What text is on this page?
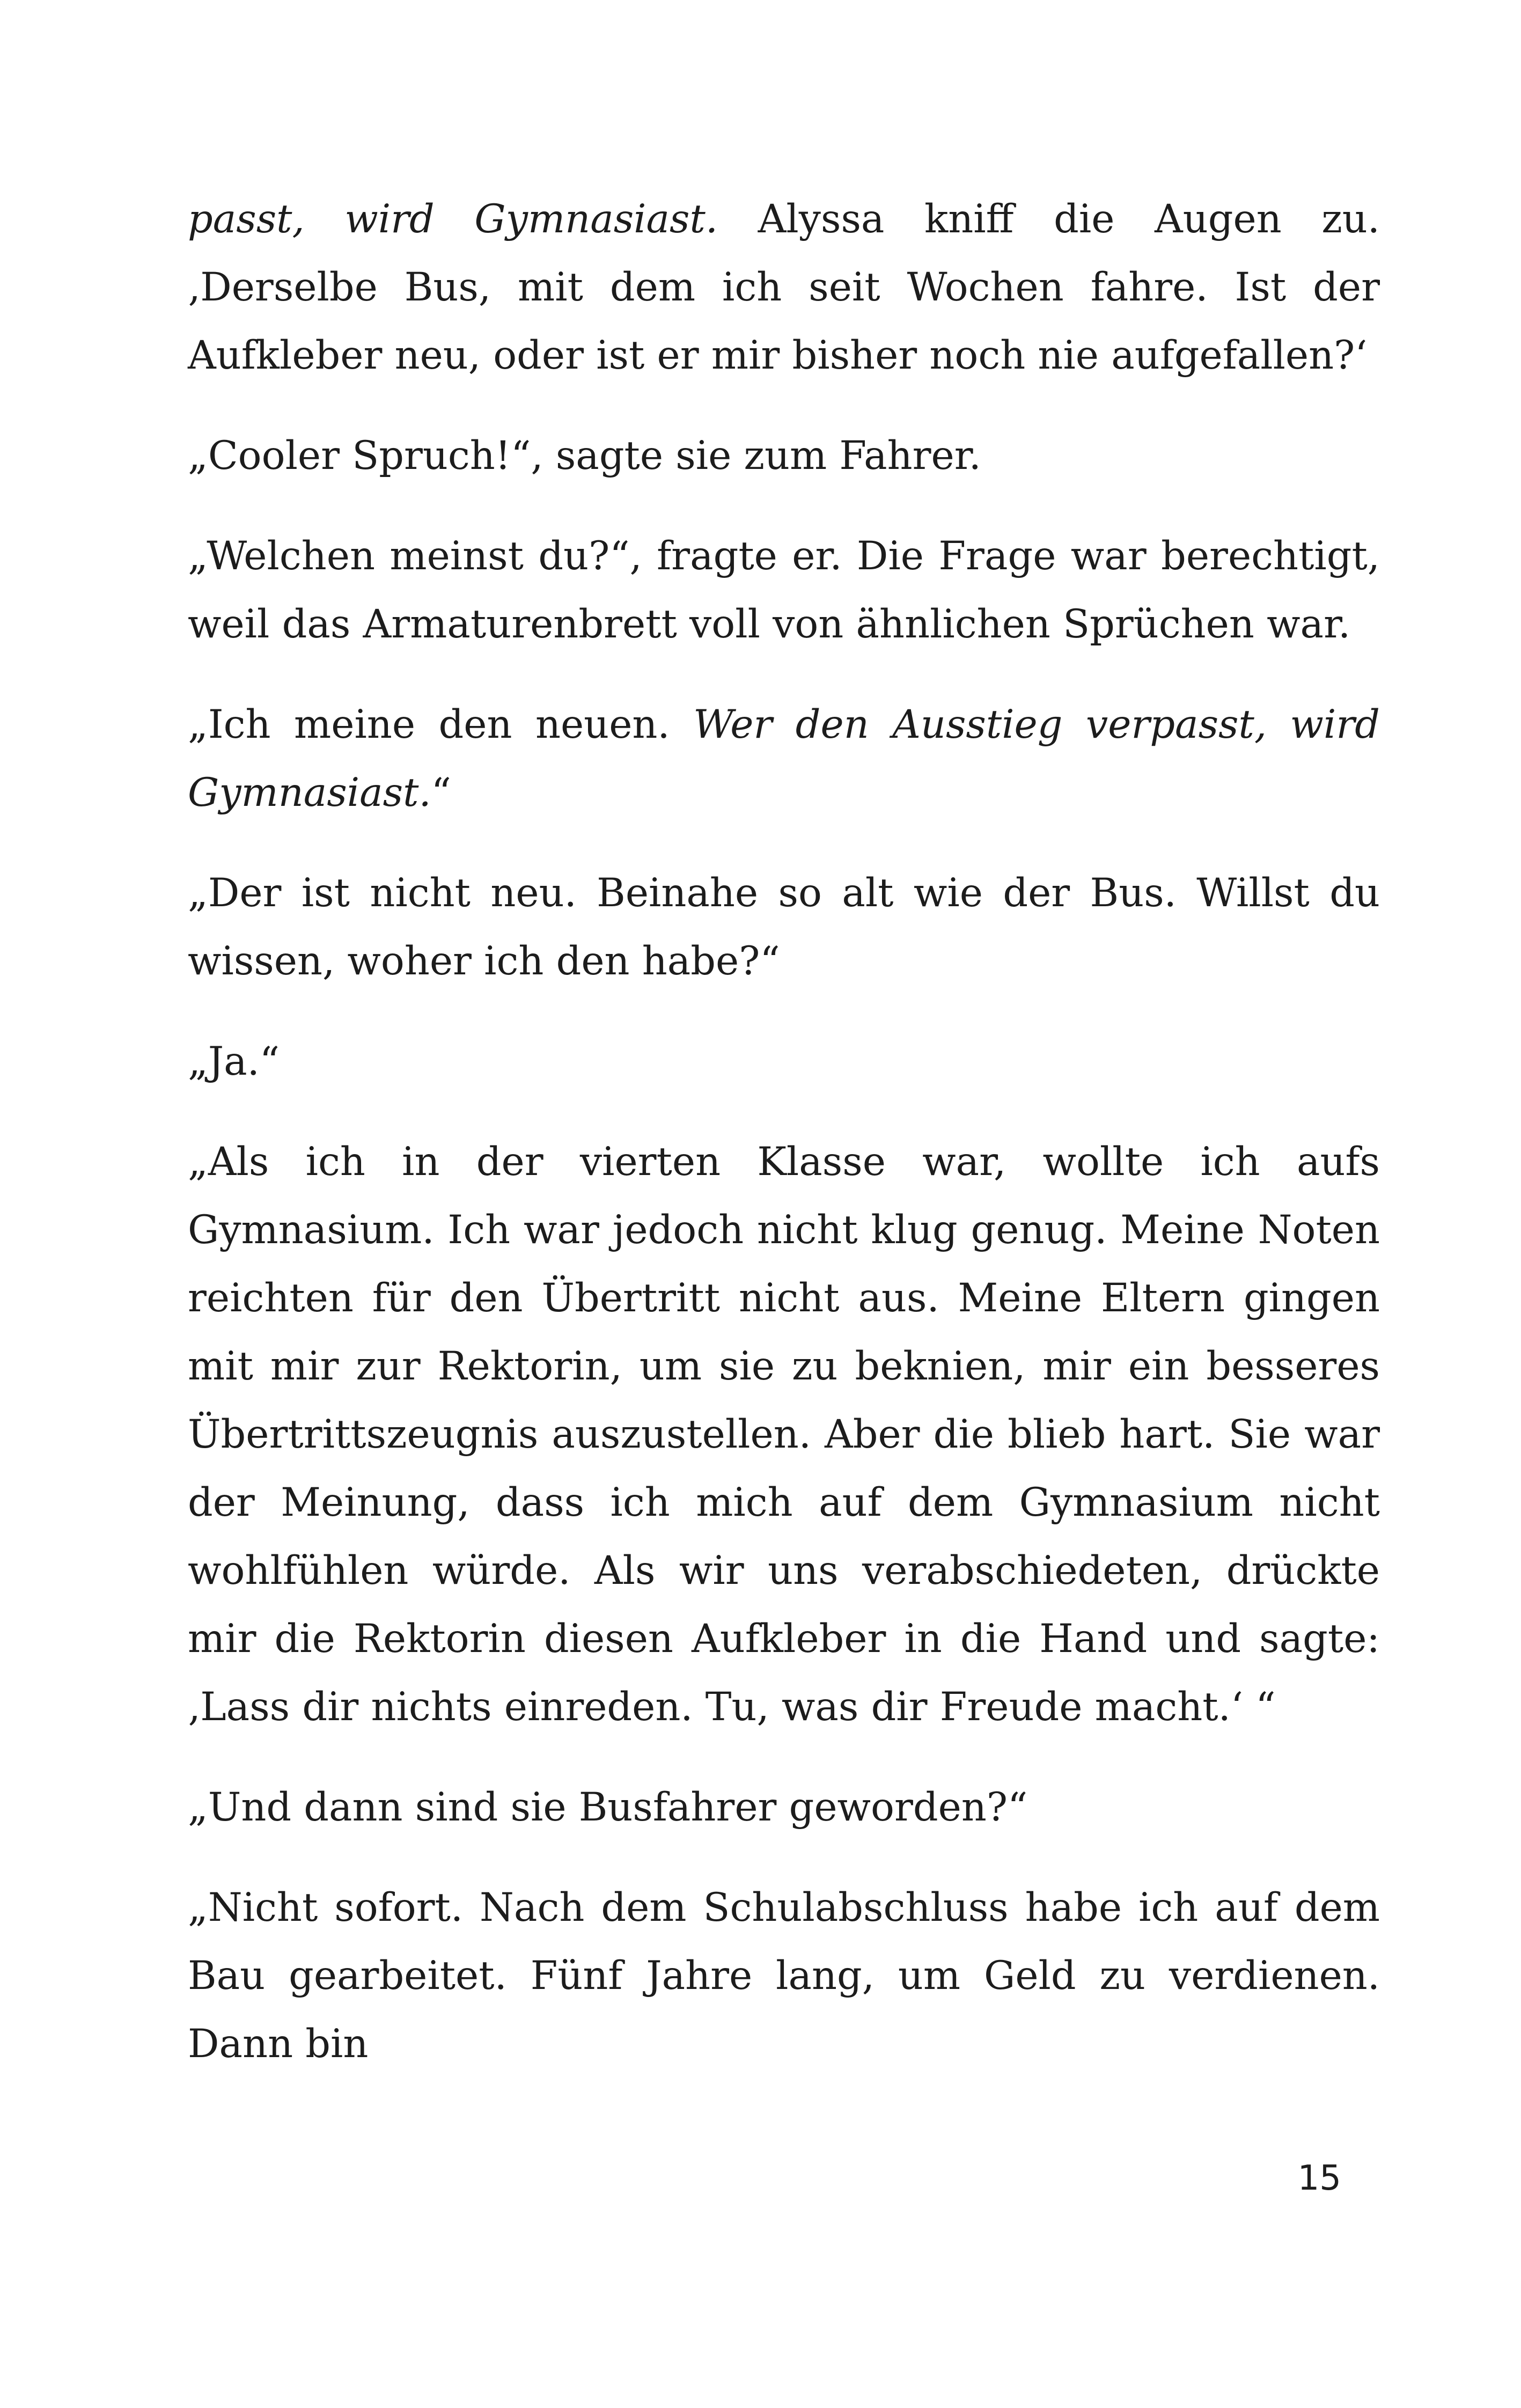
passt, wird Gymnasiast. Alyssa kniff die Augen zu. ‚Derselbe Bus, mit dem ich seit Wochen fahre. Ist der Aufkleber neu, oder ist er mir bisher noch nie aufgefallen?‘

„Cooler Spruch!“, sagte sie zum Fahrer.

„Welchen meinst du?“, fragte er. Die Frage war berechtigt, weil das Armaturenbrett voll von ähnlichen Sprüchen war.

„Ich meine den neuen. Wer den Ausstieg verpasst, wird Gymnasiast.“

„Der ist nicht neu. Beinahe so alt wie der Bus. Willst du wissen, woher ich den habe?“

„Ja.“

„Als ich in der vierten Klasse war, wollte ich aufs Gymnasium. Ich war jedoch nicht klug genug. Meine Noten reichten für den Übertritt nicht aus. Meine Eltern gingen mit mir zur Rektorin, um sie zu beknien, mir ein besseres Übertrittszeugnis auszustellen. Aber die blieb hart. Sie war der Meinung, dass ich mich auf dem Gymnasium nicht wohlfühlen würde. Als wir uns verabschiedeten, drückte mir die Rektorin diesen Aufkleber in die Hand und sagte: ‚Lass dir nichts einreden. Tu, was dir Freude macht.‘ “

„Und dann sind sie Busfahrer geworden?“

„Nicht sofort. Nach dem Schulabschluss habe ich auf dem Bau gearbeitet. Fünf Jahre lang, um Geld zu verdienen. Dann bin

15
